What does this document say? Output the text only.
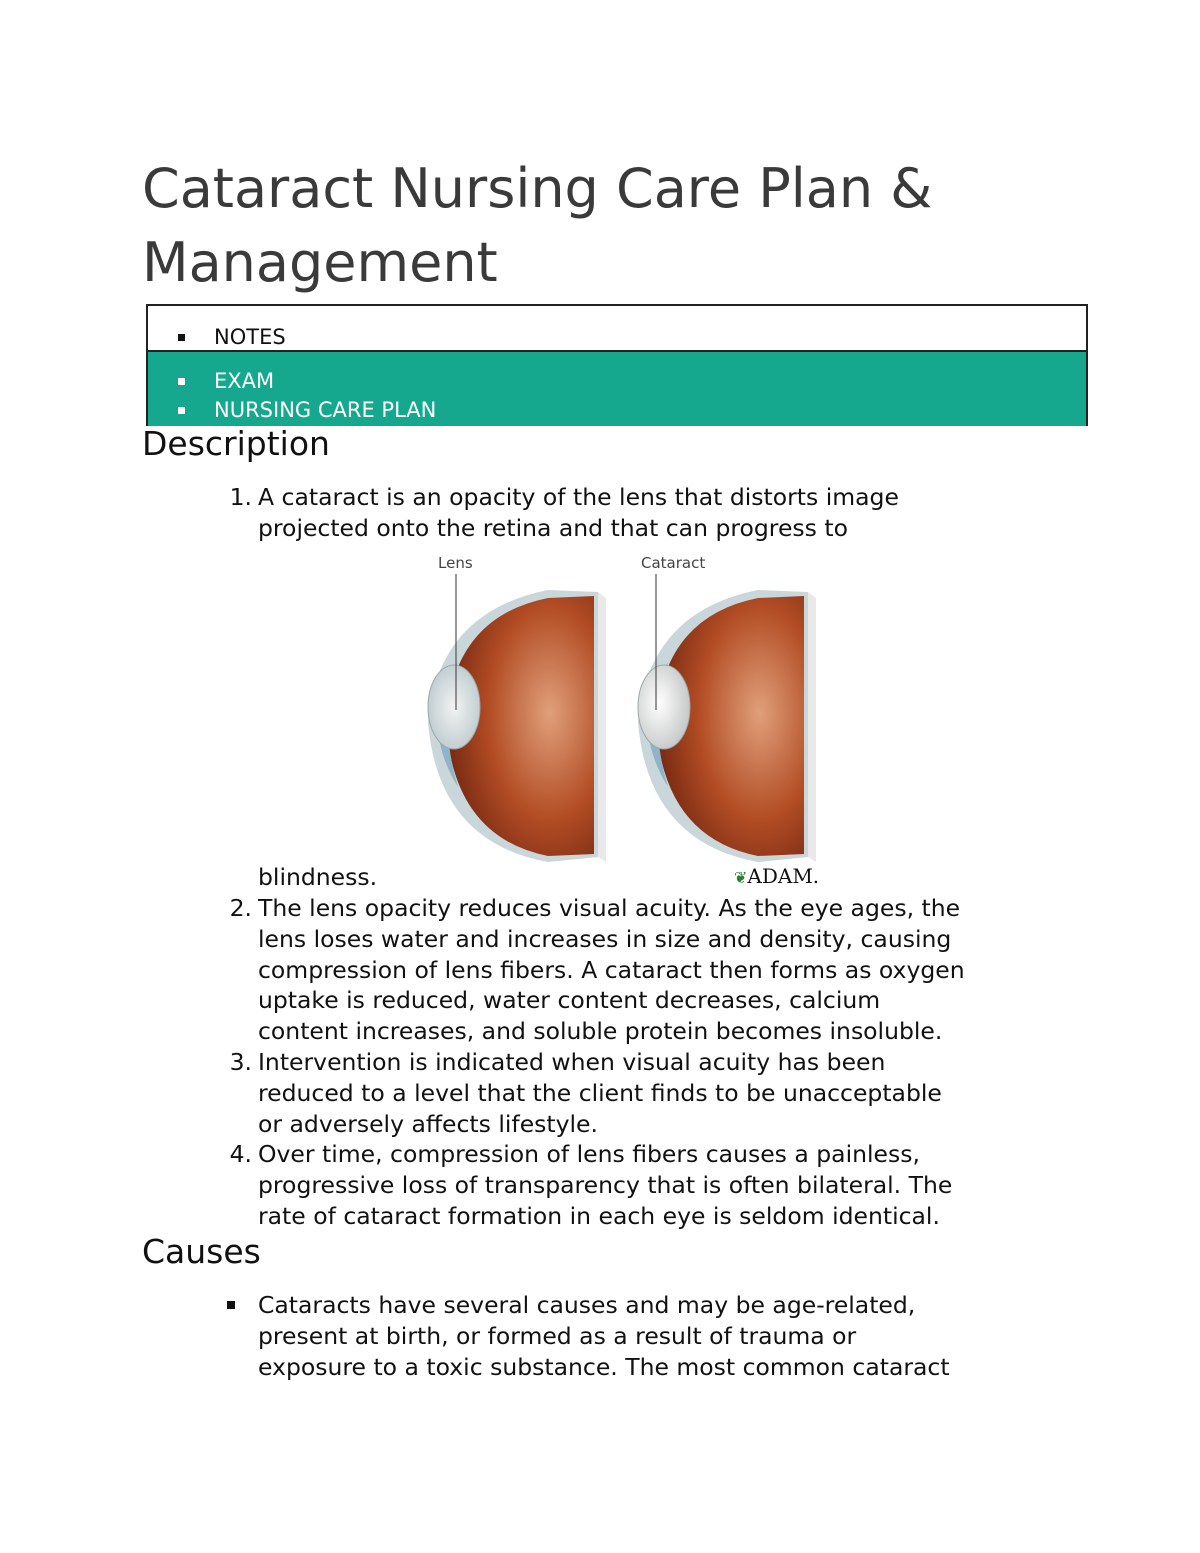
Cataract Nursing Care Plan & Management
NOTES
EXAM
NURSING CARE PLAN
Description
1. A cataract is an opacity of the lens that distorts image
projected onto the retina and that can progress to
Lens	Cataract
❦ADAM.
blindness.
2. The lens opacity reduces visual acuity. As the eye ages, the
lens loses water and increases in size and density, causing
compression of lens fibers. A cataract then forms as oxygen
uptake is reduced, water content decreases, calcium
content increases, and soluble protein becomes insoluble.
3. Intervention is indicated when visual acuity has been
reduced to a level that the client finds to be unacceptable
or adversely affects lifestyle.
4. Over time, compression of lens fibers causes a painless,
progressive loss of transparency that is often bilateral. The
rate of cataract formation in each eye is seldom identical.
Causes
Cataracts have several causes and may be age-related,
present at birth, or formed as a result of trauma or
exposure to a toxic substance. The most common cataract
